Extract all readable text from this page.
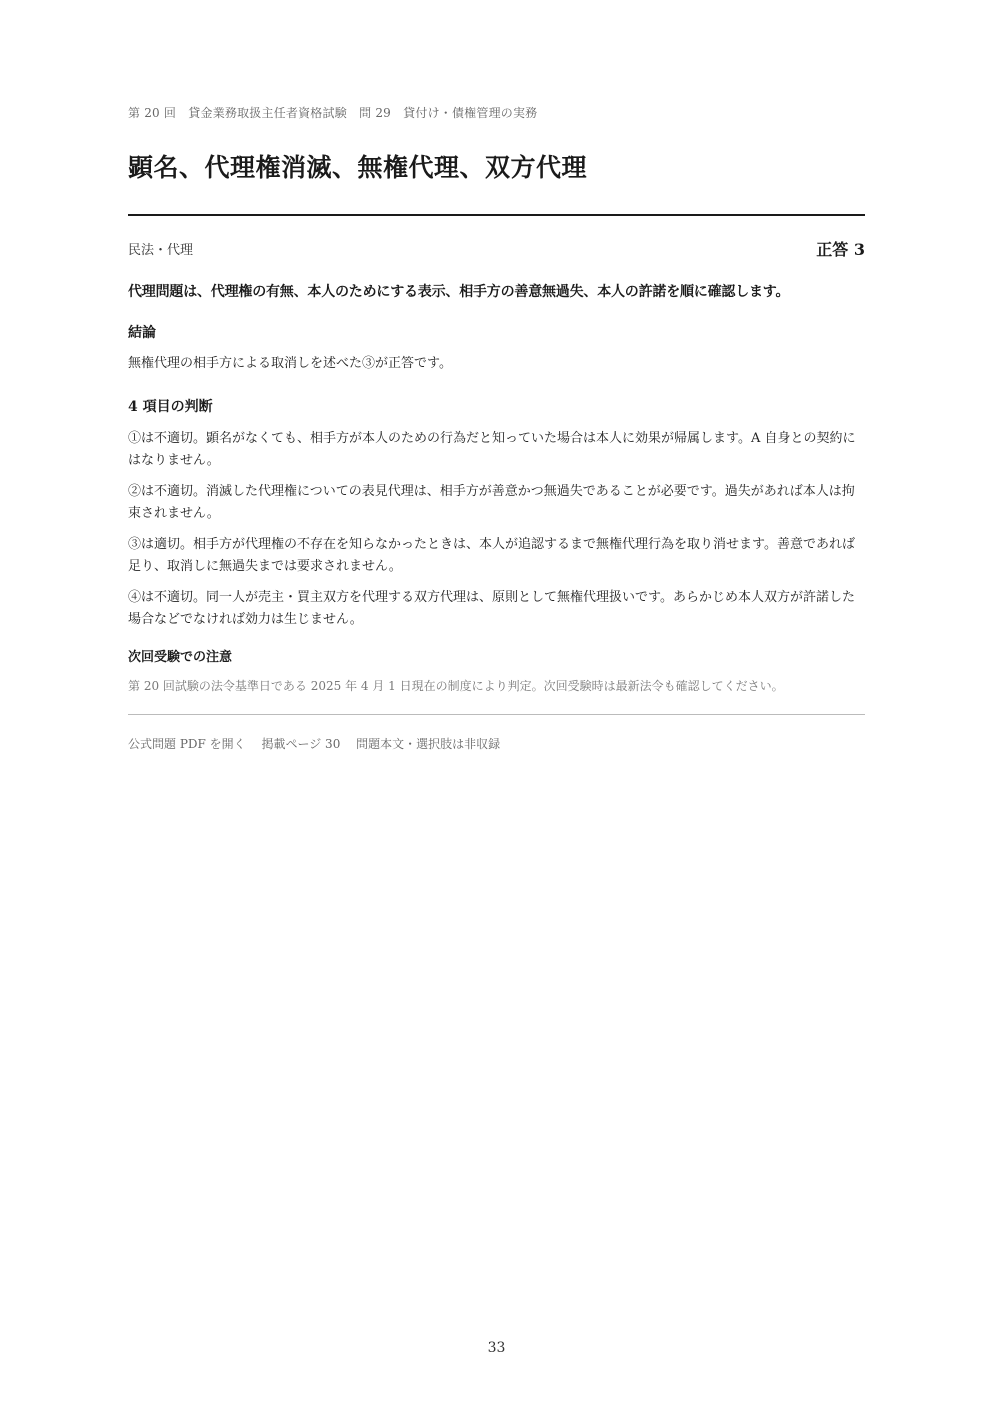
第 20 回　貸金業務取扱主任者資格試験　問 29　貸付け・債権管理の実務
顕名、代理権消滅、無権代理、双方代理
民法・代理	正答 3
代理問題は、代理権の有無、本人のためにする表示、相手方の善意無過失、本人の許諾を順に確認します。
結論
無権代理の相手方による取消しを述べた③が正答です。
4 項目の判断
①は不適切。顕名がなくても、相手方が本人のための行為だと知っていた場合は本人に効果が帰属します。A 自身との契約にはなりません。
②は不適切。消滅した代理権についての表見代理は、相手方が善意かつ無過失であることが必要です。過失があれば本人は拘束されません。
③は適切。相手方が代理権の不存在を知らなかったときは、本人が追認するまで無権代理行為を取り消せます。善意であれば足り、取消しに無過失までは要求されません。
④は不適切。同一人が売主・買主双方を代理する双方代理は、原則として無権代理扱いです。あらかじめ本人双方が許諾した場合などでなければ効力は生じません。
次回受験での注意
第 20 回試験の法令基準日である 2025 年 4 月 1 日現在の制度により判定。次回受験時は最新法令も確認してください。
公式問題 PDF を開く 掲載ページ 30 問題本文・選択肢は非収録
33
